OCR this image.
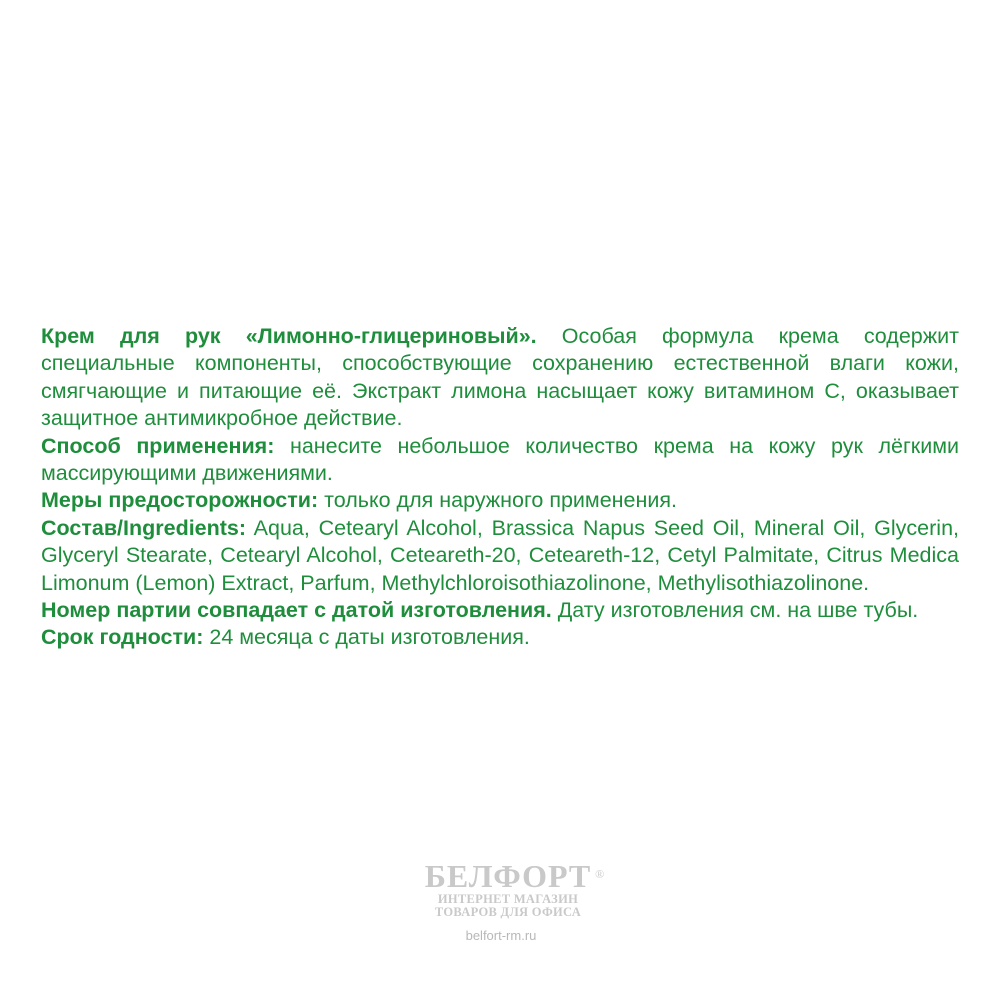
Крем для рук «Лимонно-глицериновый». Особая формула крема содержит специальные компоненты, способствующие сохранению естественной влаги кожи, смягчающие и питающие её. Экстракт лимона насыщает кожу витамином С, оказывает защитное антимикробное действие.

Способ применения: нанесите небольшое количество крема на кожу рук лёгкими массирующими движениями.

Меры предосторожности: только для наружного применения.

Состав/Ingredients: Aqua, Cetearyl Alcohol, Brassica Napus Seed Oil, Mineral Oil, Glycerin, Glyceryl Stearate, Cetearyl Alcohol, Ceteareth-20, Ceteareth-12, Cetyl Palmitate, Citrus Medica Limonum (Lemon) Extract, Parfum, Methylchloroisothiazolinone, Methylisothiazolinone.

Номер партии совпадает с датой изготовления. Дату изготовления см. на шве тубы.

Срок годности: 24 месяца с даты изготовления.

БЕЛФОРТ ®
ИНТЕРНЕТ МАГАЗИН
ТОВАРОВ ДЛЯ ОФИСА
belfort-rm.ru
